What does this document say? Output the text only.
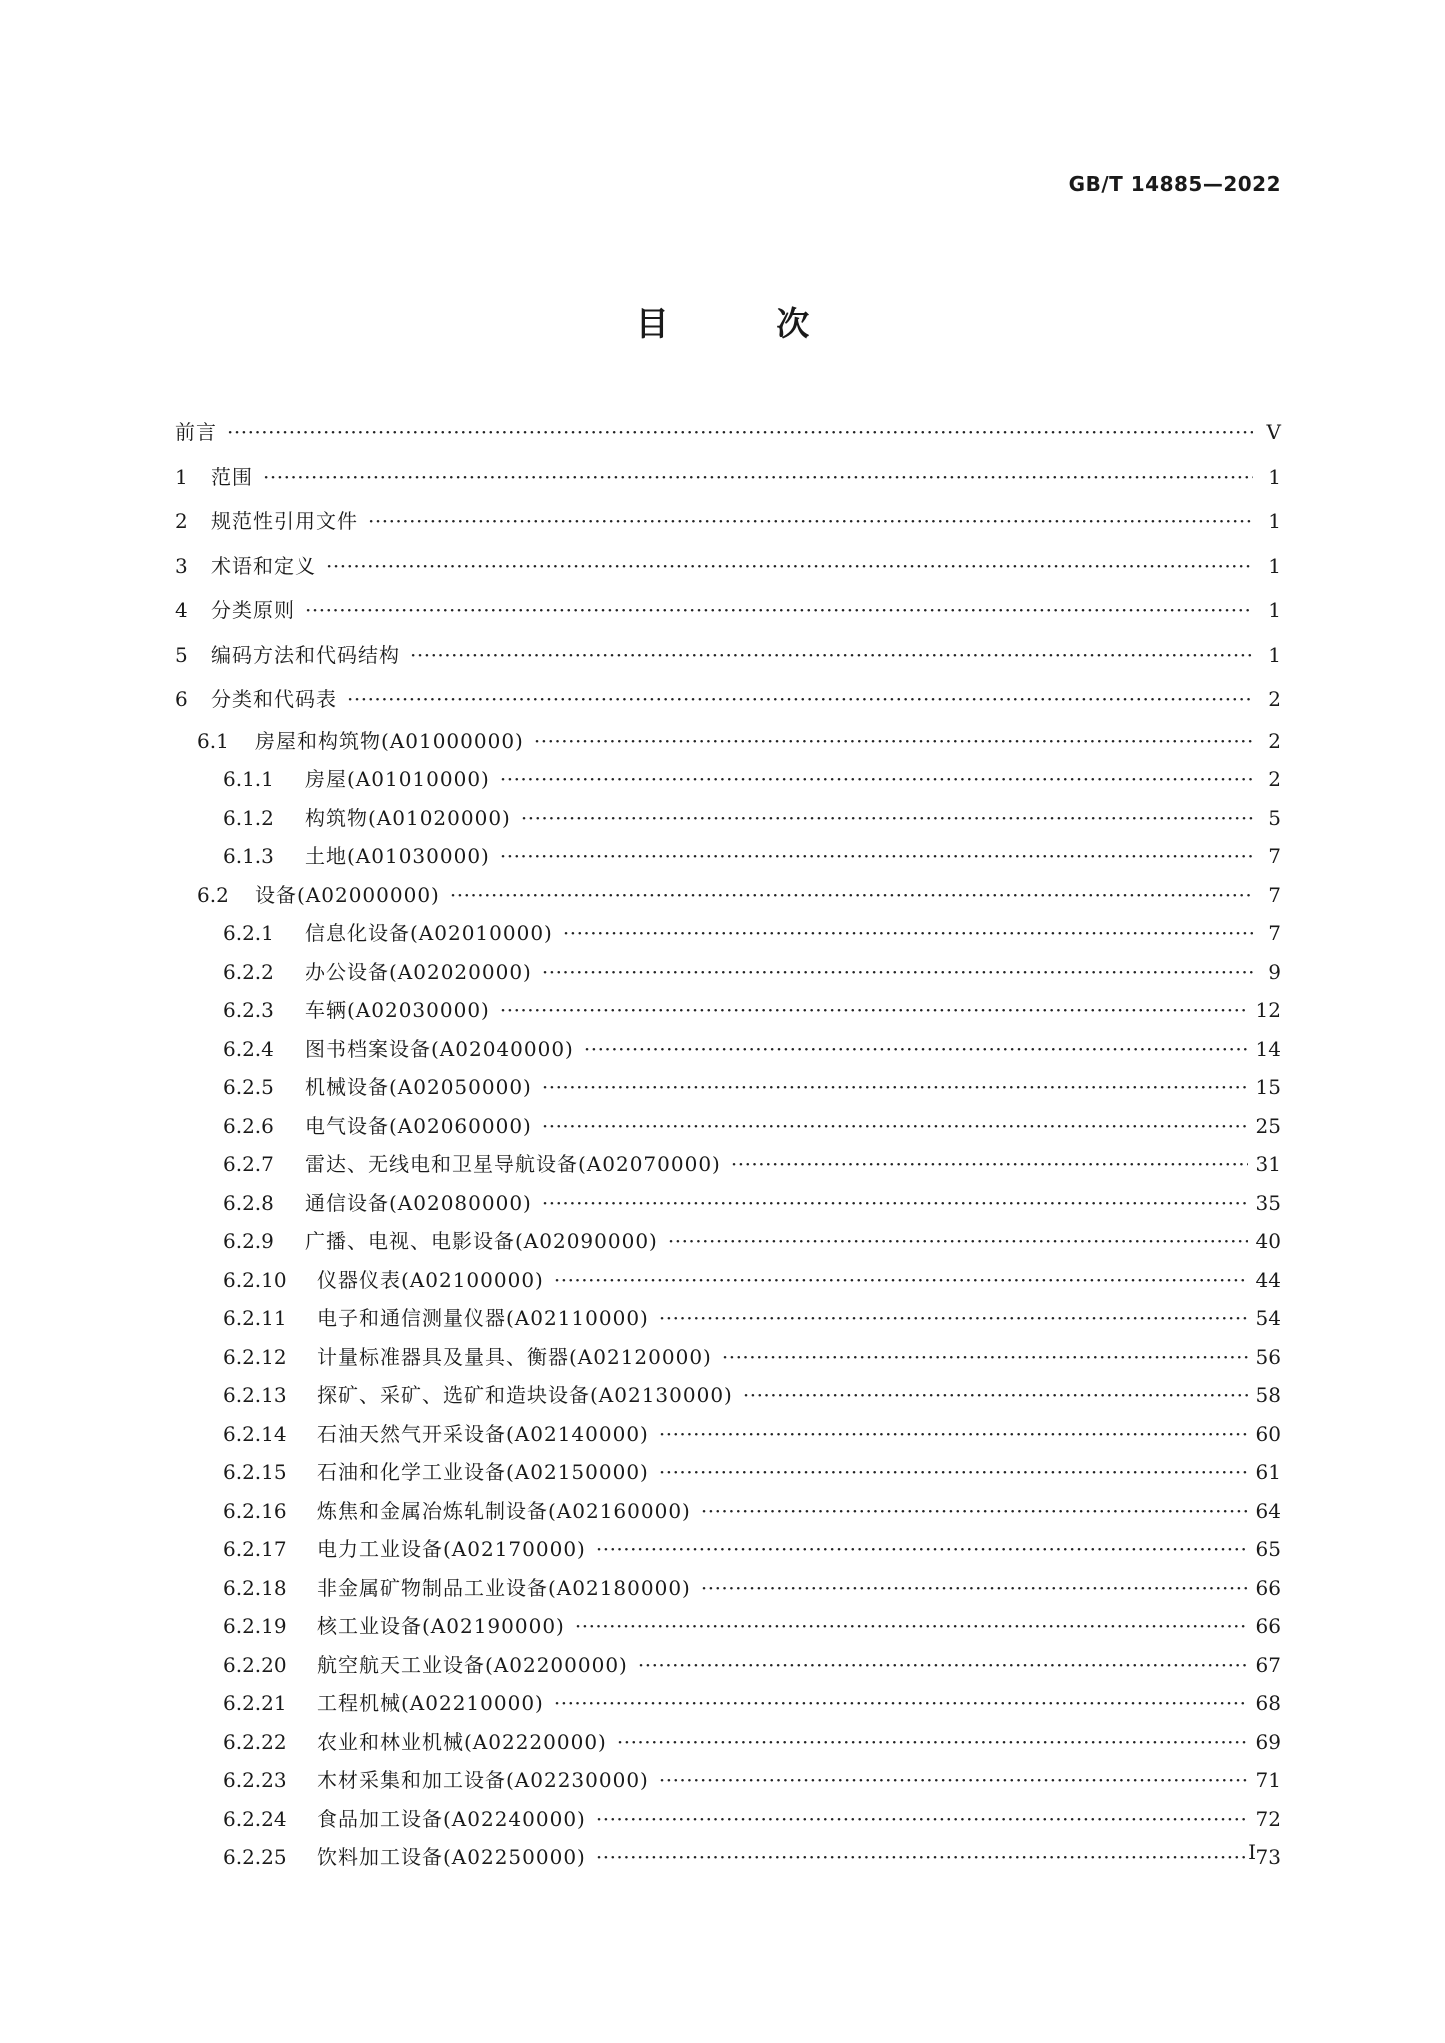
GB/T 14885—2022
目 次
前言 ·····	V
1	范围 ·····	1
2	规范性引用文件 ·····	1
3	术语和定义 ·····	1
4	分类原则 ·····	1
5	编码方法和代码结构 ·····	1
6	分类和代码表 ·····	2
6.1	房屋和构筑物(A01000000) ·····	2
6.1.1	房屋(A01010000) ·····	2
6.1.2	构筑物(A01020000) ·····	5
6.1.3	土地(A01030000) ·····	7
6.2	设备(A02000000) ·····	7
6.2.1	信息化设备(A02010000) ·····	7
6.2.2	办公设备(A02020000) ·····	9
6.2.3	车辆(A02030000) ·····	12
6.2.4	图书档案设备(A02040000) ·····	14
6.2.5	机械设备(A02050000) ·····	15
6.2.6	电气设备(A02060000) ·····	25
6.2.7	雷达、无线电和卫星导航设备(A02070000) ·····	31
6.2.8	通信设备(A02080000) ·····	35
6.2.9	广播、电视、电影设备(A02090000) ·····	40
6.2.10	仪器仪表(A02100000) ·····	44
6.2.11	电子和通信测量仪器(A02110000) ·····	54
6.2.12	计量标准器具及量具、衡器(A02120000) ·····	56
6.2.13	探矿、采矿、选矿和造块设备(A02130000) ·····	58
6.2.14	石油天然气开采设备(A02140000) ·····	60
6.2.15	石油和化学工业设备(A02150000) ·····	61
6.2.16	炼焦和金属冶炼轧制设备(A02160000) ·····	64
6.2.17	电力工业设备(A02170000) ·····	65
6.2.18	非金属矿物制品工业设备(A02180000) ·····	66
6.2.19	核工业设备(A02190000) ·····	66
6.2.20	航空航天工业设备(A02200000) ·····	67
6.2.21	工程机械(A02210000) ·····	68
6.2.22	农业和林业机械(A02220000) ·····	69
6.2.23	木材采集和加工设备(A02230000) ·····	71
6.2.24	食品加工设备(A02240000) ·····	72
6.2.25	饮料加工设备(A02250000) ·····	73
I
